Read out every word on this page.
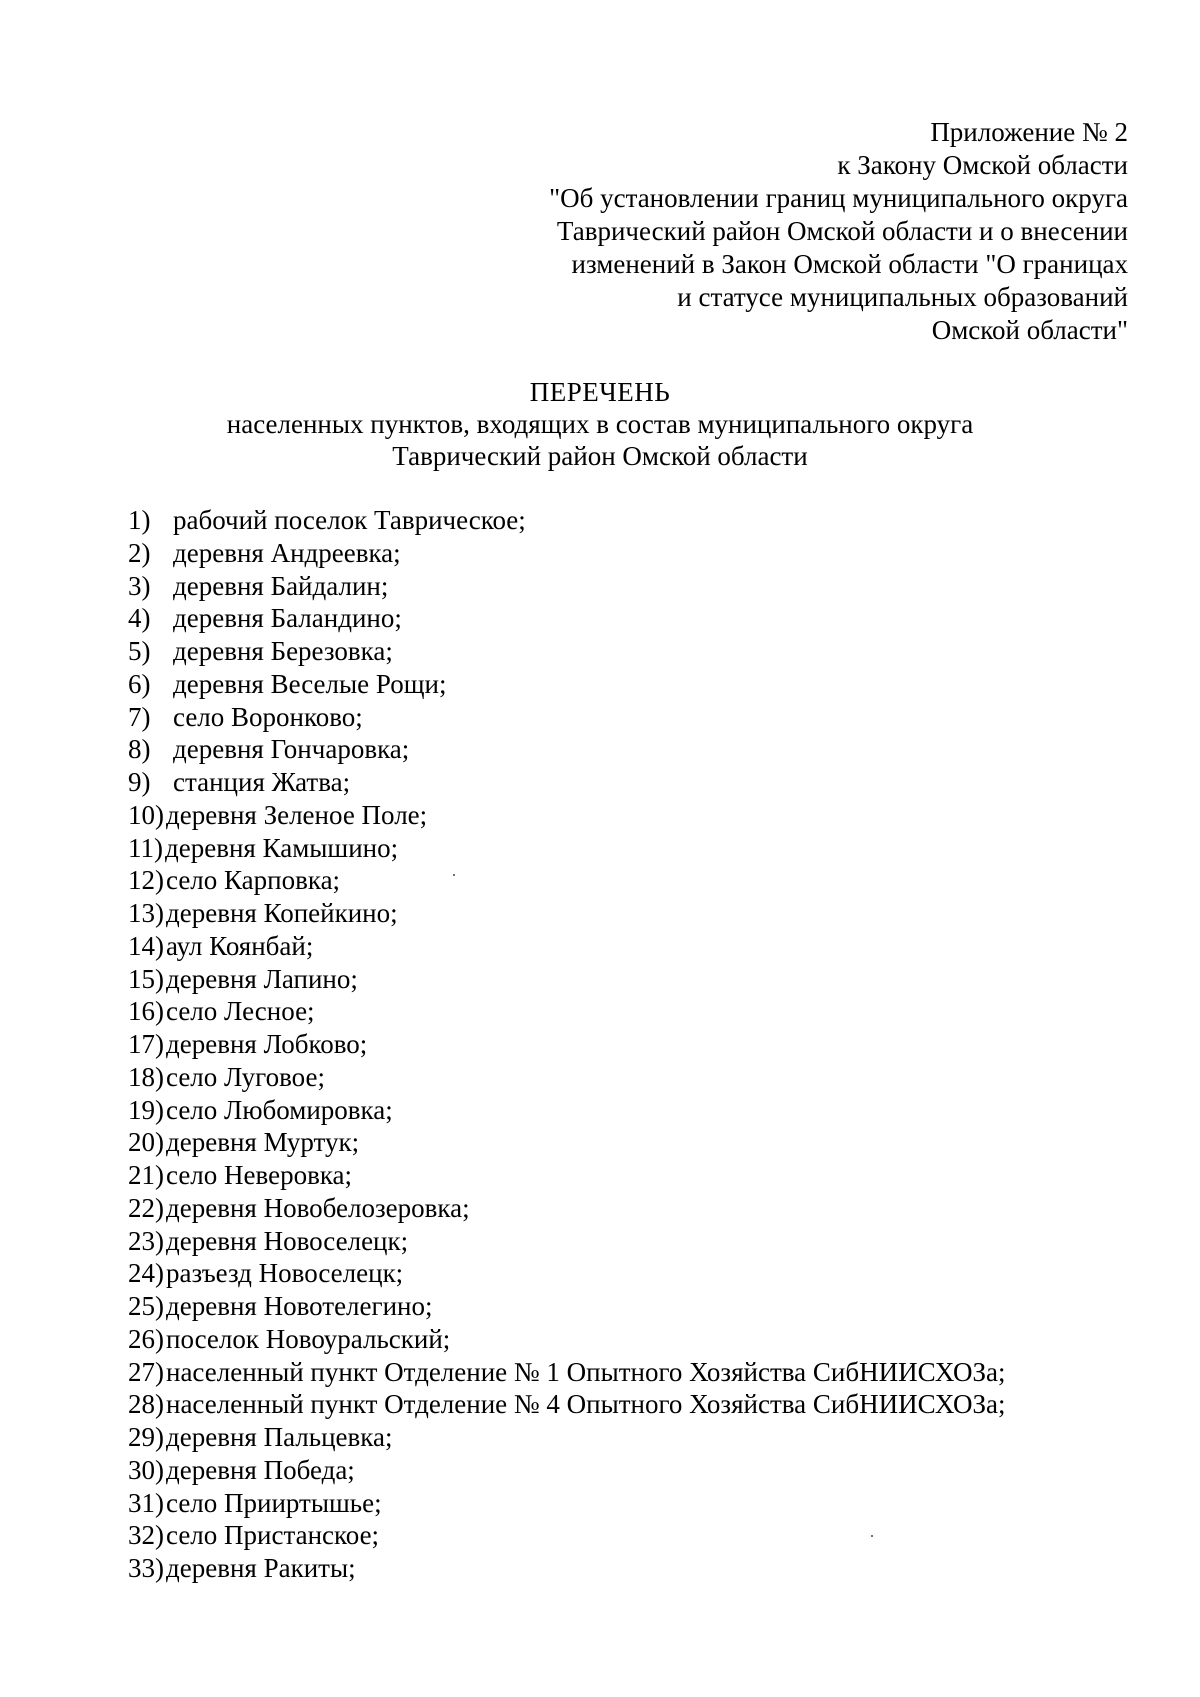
Приложение № 2
к Закону Омской области
"Об установлении границ муниципального округа
Таврический район Омской области и о внесении
изменений в Закон Омской области "О границах
и статусе муниципальных образований
Омской области"
ПЕРЕЧЕНЬ
населенных пунктов, входящих в состав муниципального округа
Таврический район Омской области
1) рабочий поселок Таврическое;
2) деревня Андреевка;
3) деревня Байдалин;
4) деревня Баландино;
5) деревня Березовка;
6) деревня Веселые Рощи;
7) село Воронково;
8) деревня Гончаровка;
9) станция Жатва;
10)деревня Зеленое Поле;
11)деревня Камышино;
12)село Карповка;
13)деревня Копейкино;
14)аул Коянбай;
15)деревня Лапино;
16)село Лесное;
17)деревня Лобково;
18)село Луговое;
19)село Любомировка;
20)деревня Муртук;
21)село Неверовка;
22)деревня Новобелозеровка;
23)деревня Новоселецк;
24)разъезд Новоселецк;
25)деревня Новотелегино;
26)поселок Новоуральский;
27)населенный пункт Отделение № 1 Опытного Хозяйства СибНИИСХОЗа;
28)населенный пункт Отделение № 4 Опытного Хозяйства СибНИИСХОЗа;
29)деревня Пальцевка;
30)деревня Победа;
31)село Прииртышье;
32)село Пристанское;
33)деревня Ракиты;
